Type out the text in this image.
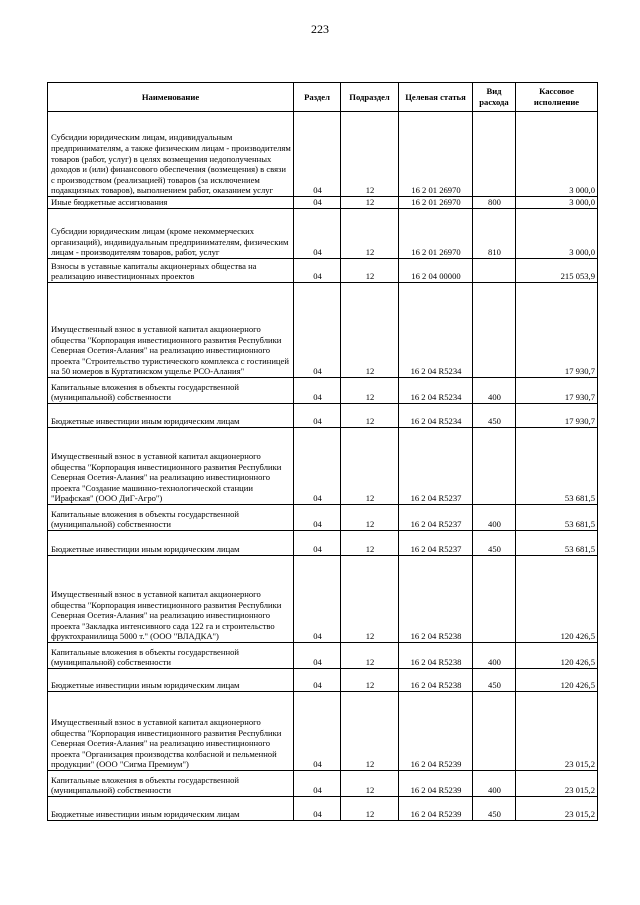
223
Наименование	Раздел	Подраздел	Целевая статья	Вид расхода	Кассовое исполнение
Субсидии юридическим лицам, индивидуальным предпринимателям, а также физическим лицам - производителям товаров (работ, услуг) в целях возмещения недополученных доходов и (или) финансового обеспечения (возмещения) в связи с производством (реализацией) товаров (за исключением подакцизных товаров), выполнением работ, оказанием услуг	04	12	16 2 01 26970		3 000,0
Иные бюджетные ассигнования	04	12	16 2 01 26970	800	3 000,0
Субсидии юридическим лицам (кроме некоммерческих организаций), индивидуальным предпринимателям, физическим лицам - производителям товаров, работ, услуг	04	12	16 2 01 26970	810	3 000,0
Взносы в уставные капиталы акционерных общества на реализацию инвестиционных проектов	04	12	16 2 04 00000		215 053,9
Имущественный взнос в уставной капитал акционерного общества "Корпорация инвестиционного развития Республики Северная Осетия-Алания" на реализацию инвестиционного проекта "Строительство туристического комплекса с гостиницей на 50 номеров в Куртатинском ущелье РСО-Алания"	04	12	16 2 04 R5234		17 930,7
Капитальные вложения в объекты государственной (муниципальной) собственности	04	12	16 2 04 R5234	400	17 930,7
Бюджетные инвестиции иным юридическим лицам	04	12	16 2 04 R5234	450	17 930,7
Имущественный взнос в уставной капитал акционерного общества "Корпорация инвестиционного развития Республики Северная Осетия-Алания" на реализацию инвестиционного проекта "Создание машинно-технологической станции "Ирафская" (ООО ДиГ-Агро")	04	12	16 2 04 R5237		53 681,5
Капитальные вложения в объекты государственной (муниципальной) собственности	04	12	16 2 04 R5237	400	53 681,5
Бюджетные инвестиции иным юридическим лицам	04	12	16 2 04 R5237	450	53 681,5
Имущественный взнос в уставной капитал акционерного общества "Корпорация инвестиционного развития Республики Северная Осетия-Алания" на реализацию инвестиционного проекта "Закладка интенсивного сада 122 га и строительство фруктохранилища 5000 т." (ООО "ВЛАДКА")	04	12	16 2 04 R5238		120 426,5
Капитальные вложения в объекты государственной (муниципальной) собственности	04	12	16 2 04 R5238	400	120 426,5
Бюджетные инвестиции иным юридическим лицам	04	12	16 2 04 R5238	450	120 426,5
Имущественный взнос в уставной капитал акционерного общества "Корпорация инвестиционного развития Республики Северная Осетия-Алания" на реализацию инвестиционного проекта "Организация производства колбасной и пельменной продукции" (ООО "Сигма Премиум")	04	12	16 2 04 R5239		23 015,2
Капитальные вложения в объекты государственной (муниципальной) собственности	04	12	16 2 04 R5239	400	23 015,2
Бюджетные инвестиции иным юридическим лицам	04	12	16 2 04 R5239	450	23 015,2
